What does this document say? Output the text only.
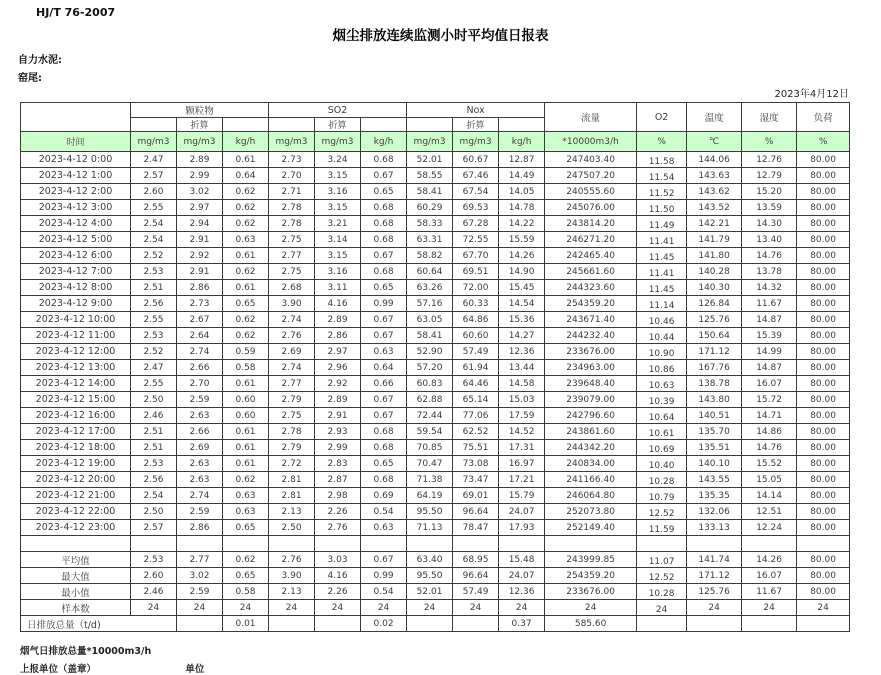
HJ/T 76-2007
烟尘排放连续监测小时平均值日报表
自力水泥:
窑尾:
2023年4月12日
	颗粒物			SO2			Nox			流量	O2	温度	湿度	负荷
		折算			折算			折算						
时间	mg/m3	mg/m3	kg/h	mg/m3	mg/m3	kg/h	mg/m3	mg/m3	kg/h	*10000m3/h	%	℃	%	%
2023-4-12 0:00	2.47	2.89	0.61	2.73	3.24	0.68	52.01	60.67	12.87	247403.40	11.58	144.06	12.76	80.00
2023-4-12 1:00	2.57	2.99	0.64	2.70	3.15	0.67	58.55	67.46	14.49	247507.20	11.54	143.63	12.79	80.00
2023-4-12 2:00	2.60	3.02	0.62	2.71	3.16	0.65	58.41	67.54	14.05	240555.60	11.52	143.62	15.20	80.00
2023-4-12 3:00	2.55	2.97	0.62	2.78	3.15	0.68	60.29	69.53	14.78	245076.00	11.50	143.52	13.59	80.00
2023-4-12 4:00	2.54	2.94	0.62	2.78	3.21	0.68	58.33	67.28	14.22	243814.20	11.49	142.21	14.30	80.00
2023-4-12 5:00	2.54	2.91	0.63	2.75	3.14	0.68	63.31	72.55	15.59	246271.20	11.41	141.79	13.40	80.00
2023-4-12 6:00	2.52	2.92	0.61	2.77	3.15	0.67	58.82	67.70	14.26	242465.40	11.45	141.80	14.76	80.00
2023-4-12 7:00	2.53	2.91	0.62	2.75	3.16	0.68	60.64	69.51	14.90	245661.60	11.41	140.28	13.78	80.00
2023-4-12 8:00	2.51	2.86	0.61	2.68	3.11	0.65	63.26	72.00	15.45	244323.60	11.45	140.30	14.32	80.00
2023-4-12 9:00	2.56	2.73	0.65	3.90	4.16	0.99	57.16	60.33	14.54	254359.20	11.14	126.84	11.67	80.00
2023-4-12 10:00	2.55	2.67	0.62	2.74	2.89	0.67	63.05	64.86	15.36	243671.40	10.46	125.76	14.87	80.00
2023-4-12 11:00	2.53	2.64	0.62	2.76	2.86	0.67	58.41	60.60	14.27	244232.40	10.44	150.64	15.39	80.00
2023-4-12 12:00	2.52	2.74	0.59	2.69	2.97	0.63	52.90	57.49	12.36	233676.00	10.90	171.12	14.99	80.00
2023-4-12 13:00	2.47	2.66	0.58	2.74	2.96	0.64	57.20	61.94	13.44	234963.00	10.86	167.76	14.87	80.00
2023-4-12 14:00	2.55	2.70	0.61	2.77	2.92	0.66	60.83	64.46	14.58	239648.40	10.63	138.78	16.07	80.00
2023-4-12 15:00	2.50	2.59	0.60	2.79	2.89	0.67	62.88	65.14	15.03	239079.00	10.39	143.80	15.72	80.00
2023-4-12 16:00	2.46	2.63	0.60	2.75	2.91	0.67	72.44	77.06	17.59	242796.60	10.64	140.51	14.71	80.00
2023-4-12 17:00	2.51	2.66	0.61	2.78	2.93	0.68	59.54	62.52	14.52	243861.60	10.61	135.70	14.86	80.00
2023-4-12 18:00	2.51	2.69	0.61	2.79	2.99	0.68	70.85	75.51	17.31	244342.20	10.69	135.51	14.76	80.00
2023-4-12 19:00	2.53	2.63	0.61	2.72	2.83	0.65	70.47	73.08	16.97	240834.00	10.40	140.10	15.52	80.00
2023-4-12 20:00	2.56	2.63	0.62	2.81	2.87	0.68	71.38	73.47	17.21	241166.40	10.28	143.55	15.05	80.00
2023-4-12 21:00	2.54	2.74	0.63	2.81	2.98	0.69	64.19	69.01	15.79	246064.80	10.79	135.35	14.14	80.00
2023-4-12 22:00	2.50	2.59	0.63	2.13	2.26	0.54	95.50	96.64	24.07	252073.80	12.52	132.06	12.51	80.00
2023-4-12 23:00	2.57	2.86	0.65	2.50	2.76	0.63	71.13	78.47	17.93	252149.40	11.59	133.13	12.24	80.00

平均值	2.53	2.77	0.62	2.76	3.03	0.67	63.40	68.95	15.48	243999.85	11.07	141.74	14.26	80.00
最大值	2.60	3.02	0.65	3.90	4.16	0.99	95.50	96.64	24.07	254359.20	12.52	171.12	16.07	80.00
最小值	2.46	2.59	0.58	2.13	2.26	0.54	52.01	57.49	12.36	233676.00	10.28	125.76	11.67	80.00
样本数	24	24	24	24	24	24	24	24	24	24	24	24	24	24
日排放总量（t/d)			0.01			0.02			0.37	585.60				
烟气日排放总量*10000m3/h
上报单位（盖章）	单位
